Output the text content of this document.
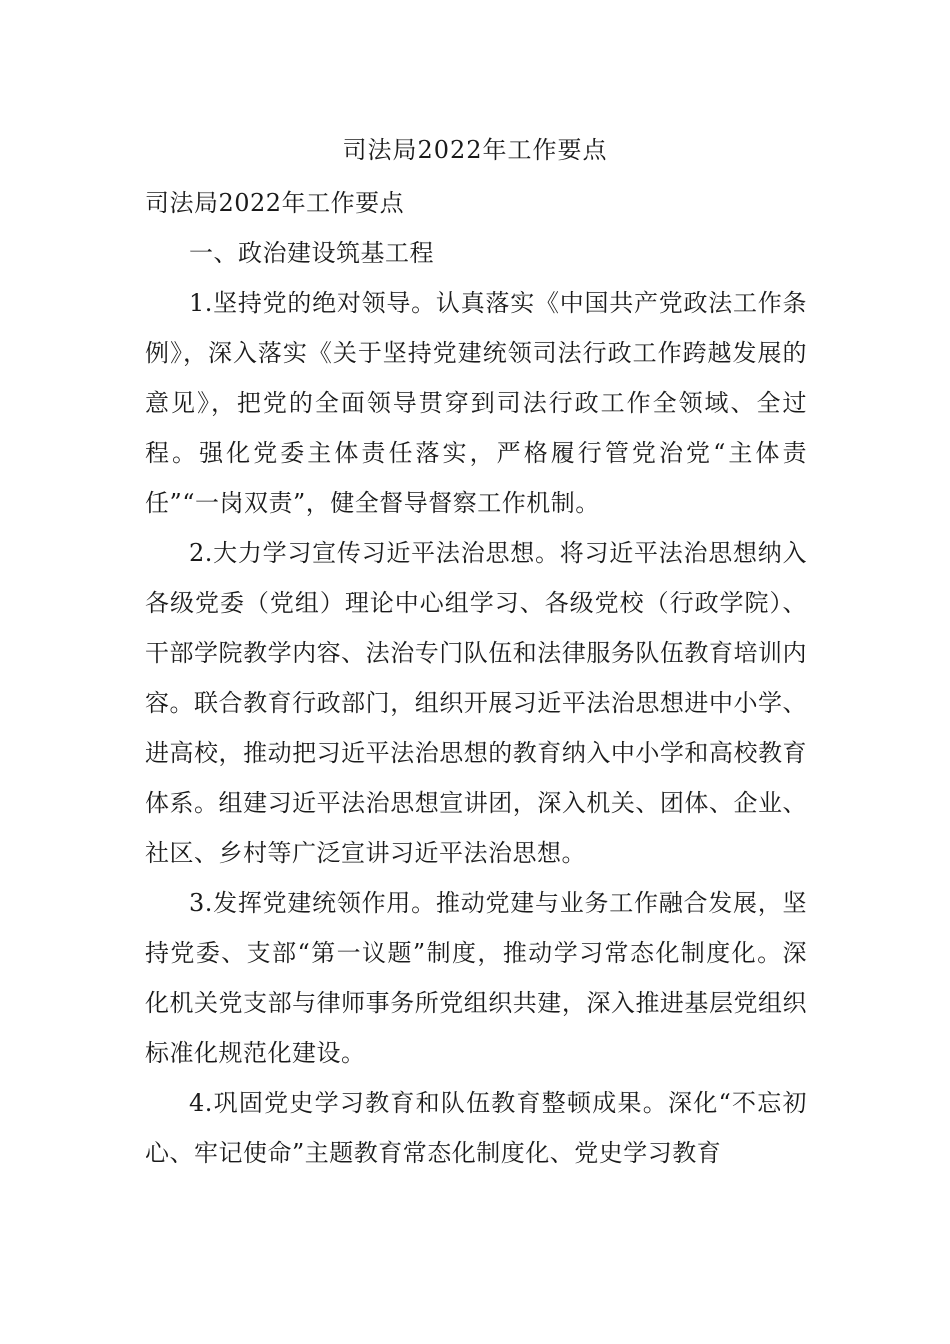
司法局2022年工作要点

司法局2022年工作要点

一、政治建设筑基工程

1.坚持党的绝对领导。认真落实《中国共产党政法工作条例》，深入落实《关于坚持党建统领司法行政工作跨越发展的意见》，把党的全面领导贯穿到司法行政工作全领域、全过程。强化党委主体责任落实，严格履行管党治党“主体责任”“一岗双责”，健全督导督察工作机制。

2.大力学习宣传习近平法治思想。将习近平法治思想纳入各级党委（党组）理论中心组学习、各级党校（行政学院）、干部学院教学内容、法治专门队伍和法律服务队伍教育培训内容。联合教育行政部门，组织开展习近平法治思想进中小学、进高校，推动把习近平法治思想的教育纳入中小学和高校教育体系。组建习近平法治思想宣讲团，深入机关、团体、企业、社区、乡村等广泛宣讲习近平法治思想。

3.发挥党建统领作用。推动党建与业务工作融合发展，坚持党委、支部“第一议题”制度，推动学习常态化制度化。深化机关党支部与律师事务所党组织共建，深入推进基层党组织标准化规范化建设。

4.巩固党史学习教育和队伍教育整顿成果。深化“不忘初心、牢记使命”主题教育常态化制度化、党史学习教育
